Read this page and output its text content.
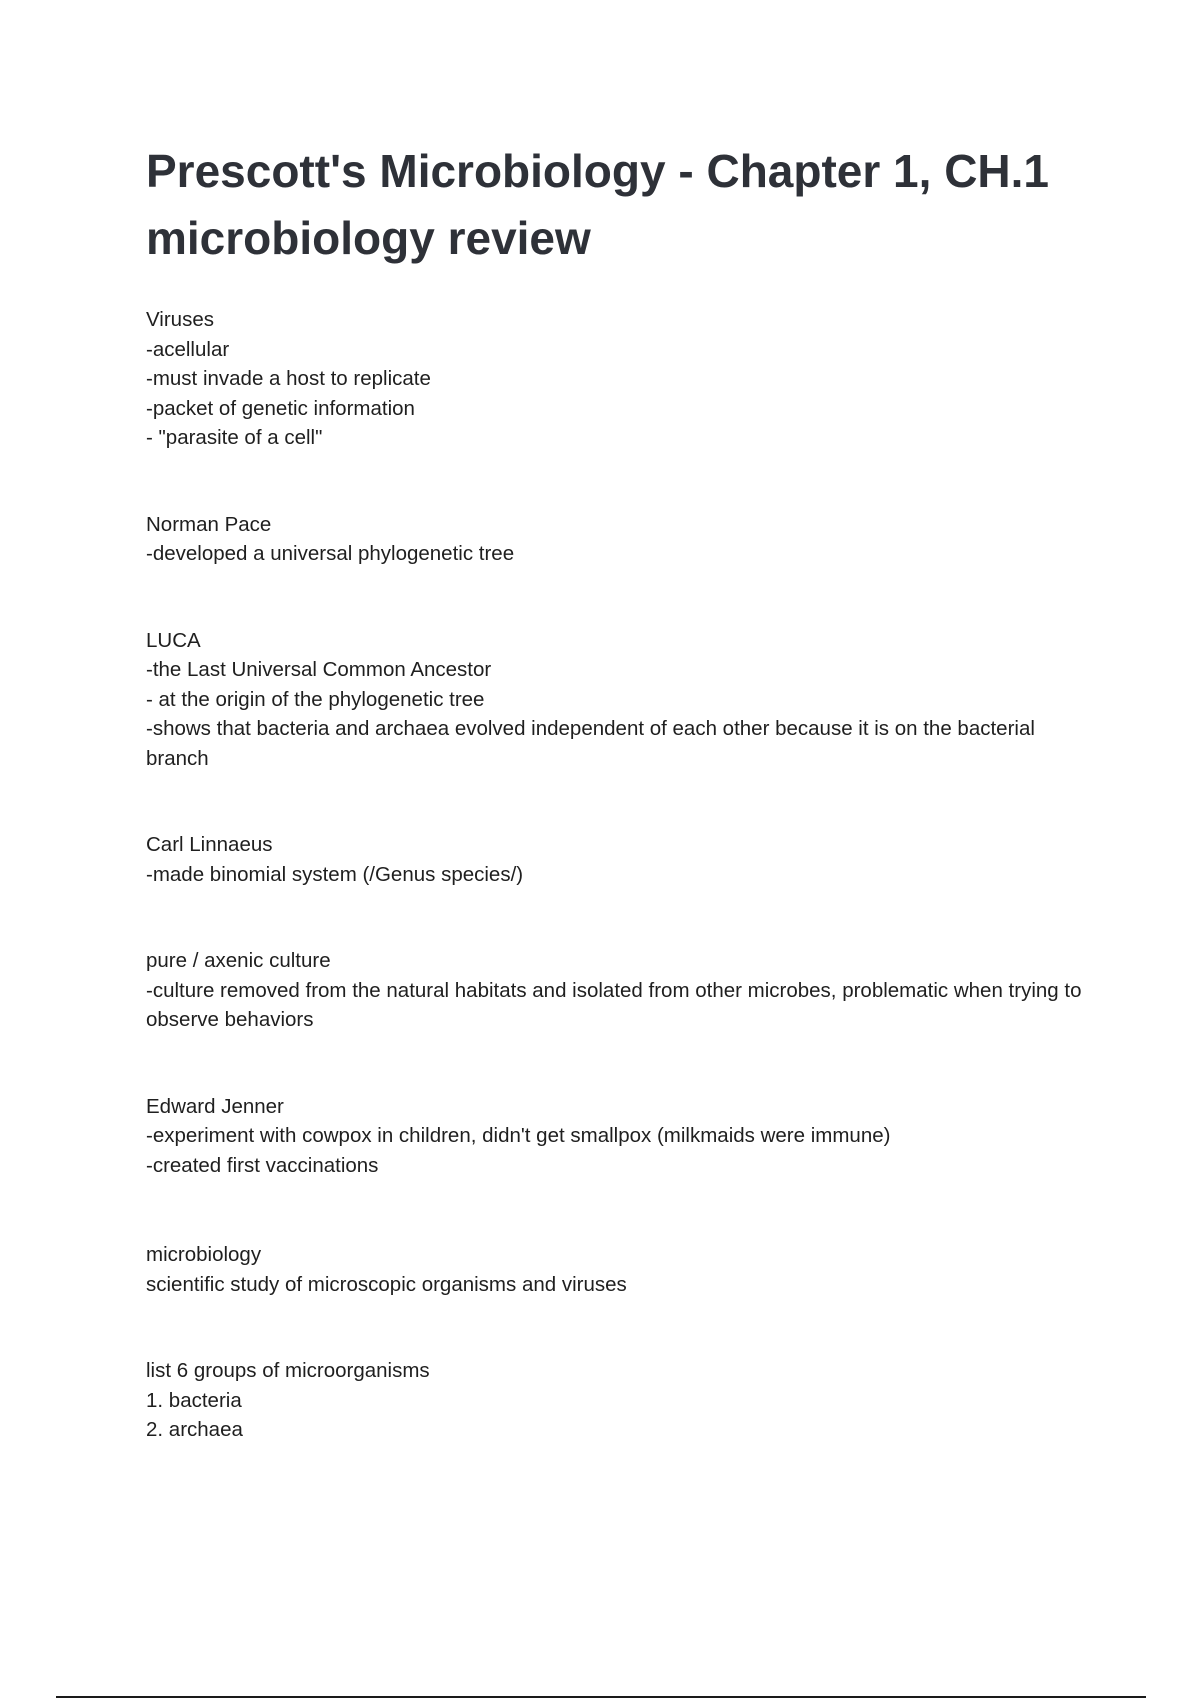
Prescott's Microbiology - Chapter 1, CH.1 microbiology review
Viruses
-acellular
-must invade a host to replicate
-packet of genetic information
- "parasite of a cell"
Norman Pace
-developed a universal phylogenetic tree
LUCA
-the Last Universal Common Ancestor
- at the origin of the phylogenetic tree
-shows that bacteria and archaea evolved independent of each other because it is on the bacterial branch
Carl Linnaeus
-made binomial system (/Genus species/)
pure / axenic culture
-culture removed from the natural habitats and isolated from other microbes, problematic when trying to observe behaviors
Edward Jenner
-experiment with cowpox in children, didn't get smallpox (milkmaids were immune)
-created first vaccinations
microbiology
scientific study of microscopic organisms and viruses
list 6 groups of microorganisms
1. bacteria
2. archaea
